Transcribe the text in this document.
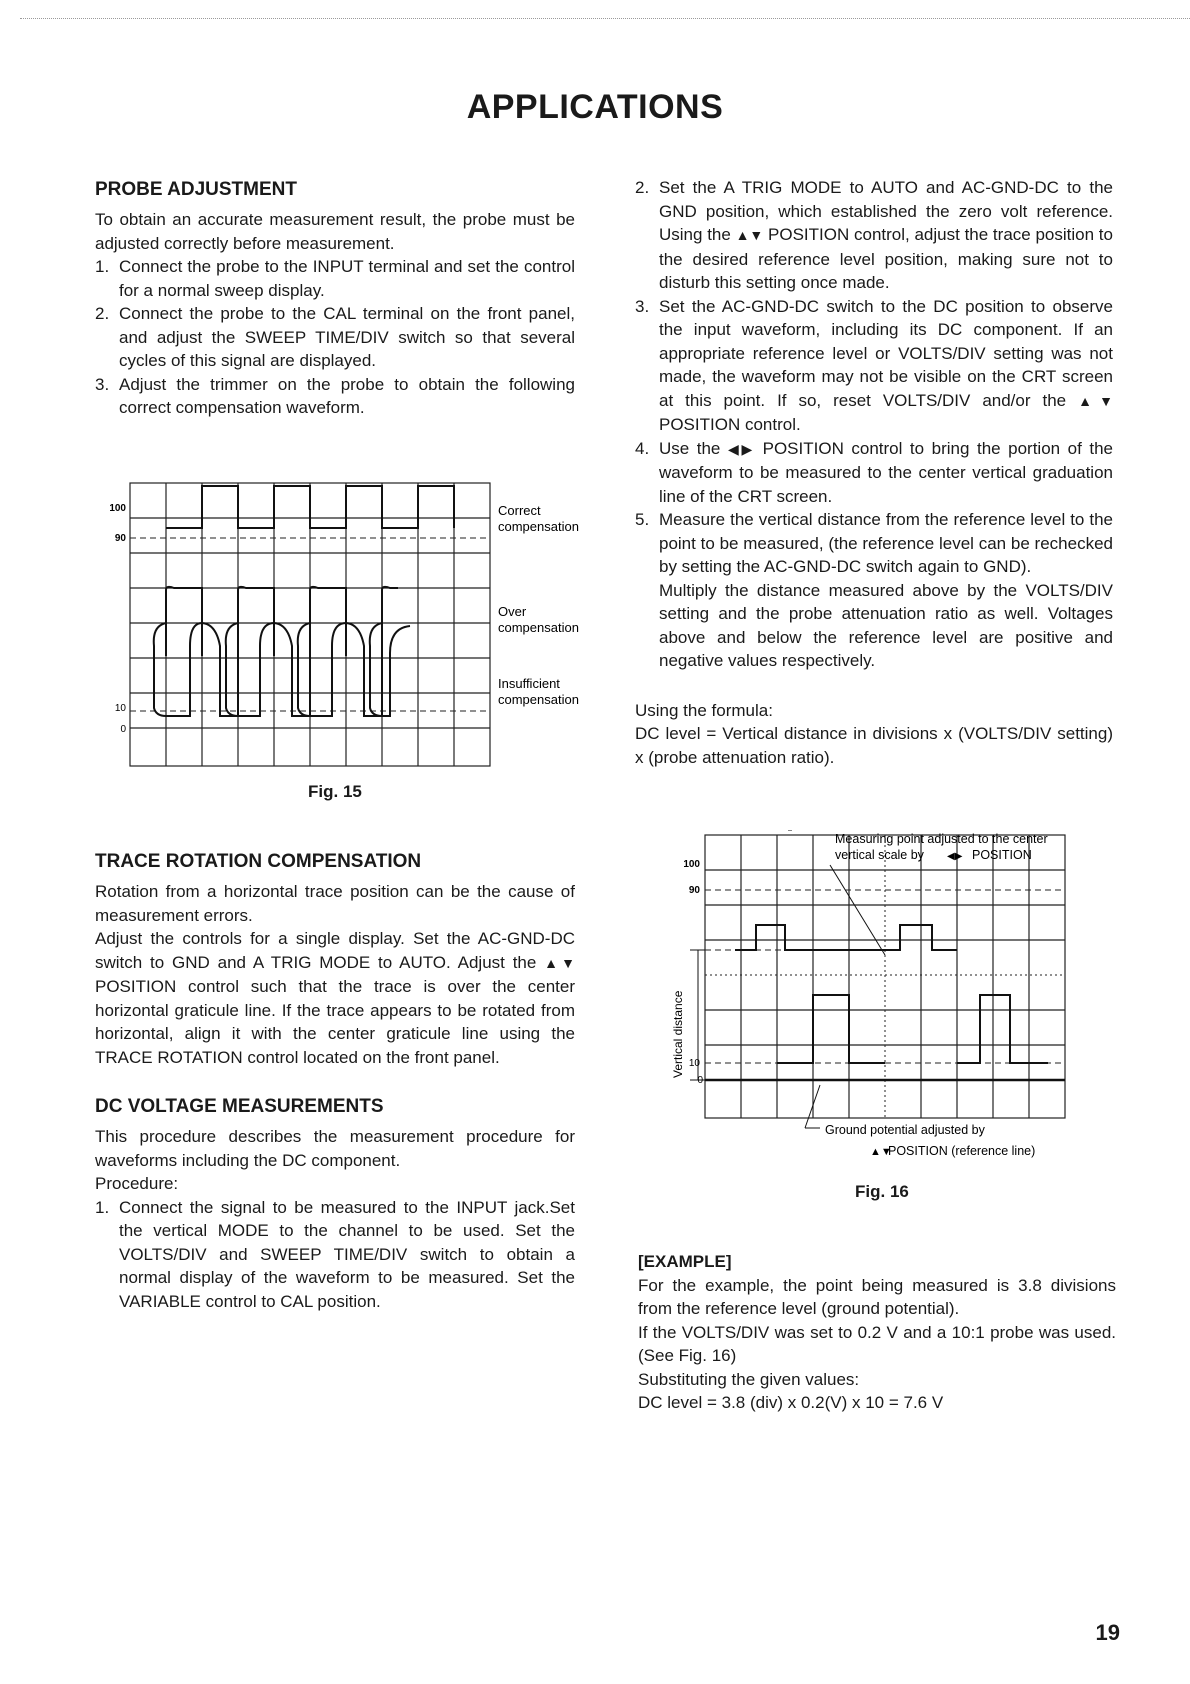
APPLICATIONS
PROBE ADJUSTMENT

To obtain an accurate measurement result, the probe must be adjusted correctly before measurement.

1. Connect the probe to the INPUT terminal and set the control for a normal sweep display.
2. Connect the probe to the CAL terminal on the front panel, and adjust the SWEEP TIME/DIV switch so that several cycles of this signal are displayed.
3. Adjust the trimmer on the probe to obtain the following correct compensation waveform.
100
90
10
0
Correct
compensation
Over
compensation
Insufficient
compensation
Fig. 15
TRACE ROTATION COMPENSATION

Rotation from a horizontal trace position can be the cause of measurement errors.

Adjust the controls for a single display. Set the AC-GND-DC switch to GND and A TRIG MODE to AUTO. Adjust the ▲▼ POSITION control such that the trace is over the center horizontal graticule line. If the trace appears to be rotated from horizontal, align it with the center graticule line using the TRACE ROTATION control located on the front panel.

DC VOLTAGE MEASUREMENTS

This procedure describes the measurement procedure for waveforms including the DC component.

Procedure:

1. Connect the signal to be measured to the INPUT jack.Set the vertical MODE to the channel to be used. Set the VOLTS/DIV and SWEEP TIME/DIV switch to obtain a normal display of the waveform to be measured. Set the VARIABLE control to CAL position.
2. Set the A TRIG MODE to AUTO and AC-GND-DC to the GND position, which established the zero volt reference. Using the ▲▼ POSITION control, adjust the trace position to the desired reference level position, making sure not to disturb this setting once made.
3. Set the AC-GND-DC switch to the DC position to observe the input waveform, including its DC component. If an appropriate reference level or VOLTS/DIV setting was not made, the waveform may not be visible on the CRT screen at this point. If so, reset VOLTS/DIV and/or the ▲▼ POSITION control.
4. Use the ◀▶ POSITION control to bring the portion of the waveform to be measured to the center vertical graduation line of the CRT screen.
5. Measure the vertical distance from the reference level to the point to be measured, (the reference level can be rechecked by setting the AC-GND-DC switch again to GND).
Multiply the distance measured above by the VOLTS/DIV setting and the probe attenuation ratio as well. Voltages above and below the reference level are positive and negative values respectively.

Using the formula:

DC level = Vertical distance in divisions x (VOLTS/DIV setting) x (probe attenuation ratio).

100
90
10
0
Vertical distance
Measuring point adjusted to the center
vertical scale by ◀▶ POSITION
Ground potential adjusted by
▲▼
POSITION (reference line)
Fig. 16

[EXAMPLE]

For the example, the point being measured is 3.8 divisions from the reference level (ground potential).

If the VOLTS/DIV was set to 0.2 V and a 10:1 probe was used. (See Fig. 16)

Substituting the given values:

DC level = 3.8 (div) x 0.2(V) x 10 = 7.6 V

19
